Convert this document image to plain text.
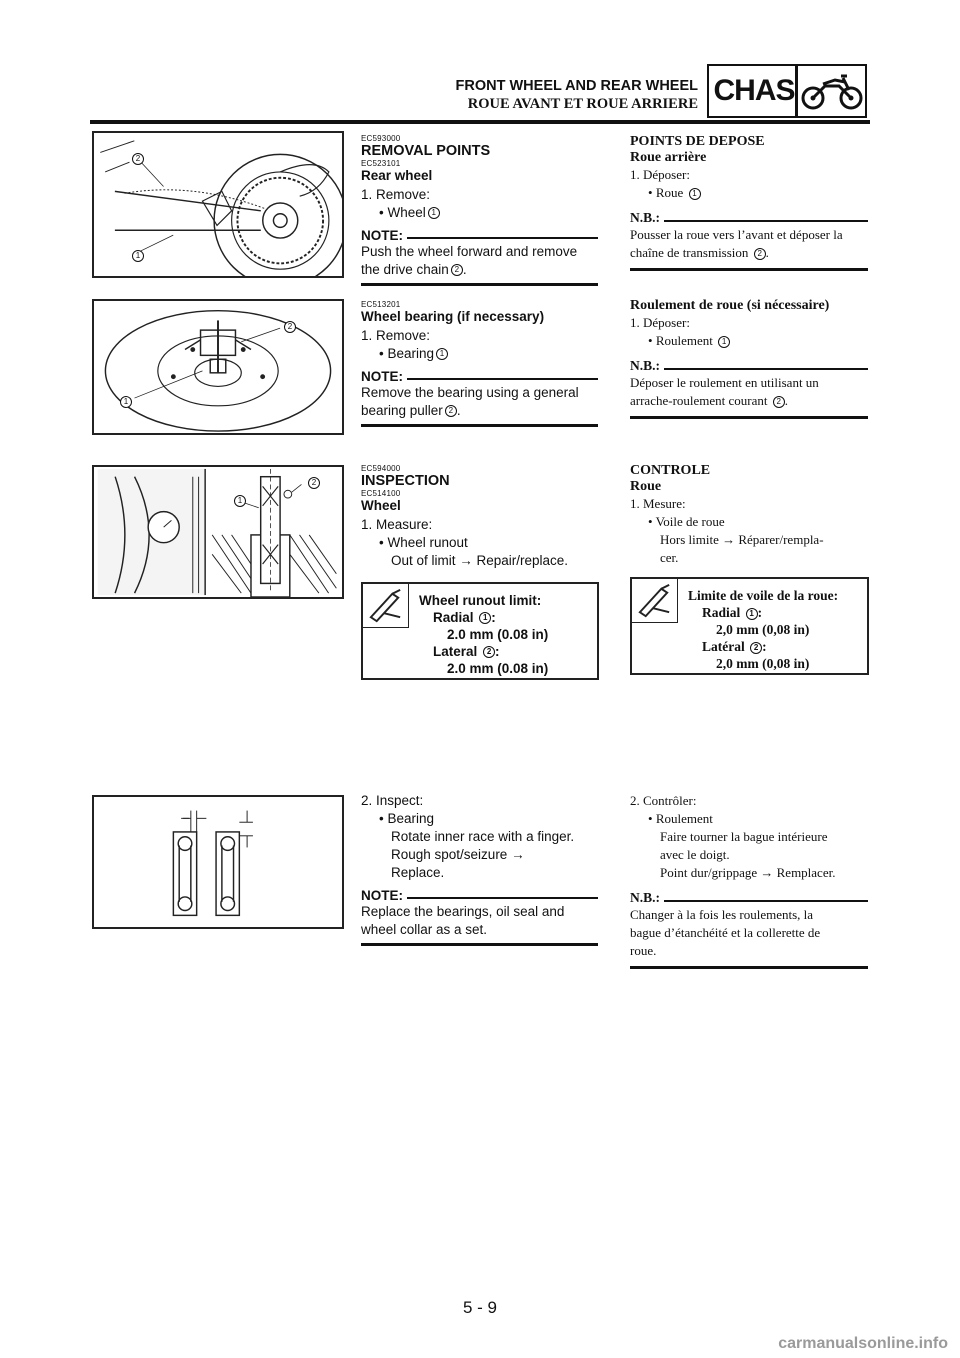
FRONT WHEEL AND REAR WHEEL
ROUE AVANT ET ROUE ARRIERE CHAS
2
1
2
1
1
2
EC593000
REMOVAL POINTS
EC523101
Rear wheel
1. Remove:
• Wheel 1
NOTE:
Push the wheel forward and remove
the drive chain 2 .
EC513201
Wheel bearing (if necessary)
1. Remove:
• Bearing 1
NOTE:
Remove the bearing using a general
bearing puller 2 .
EC594000
INSPECTION
EC514100
Wheel
1. Measure:
• Wheel runout
Out of limit → Repair/replace.
Wheel runout limit:
Radial 1 :
2.0 mm (0.08 in)
Lateral 2 :
2.0 mm (0.08 in)
2. Inspect:
• Bearing
Rotate inner race with a finger.
Rough spot/seizure →
Replace.
NOTE:
Replace the bearings, oil seal and
wheel collar as a set.
POINTS DE DEPOSE
Roue arrière
1. Déposer:
• Roue 1
N.B.:
Pousser la roue vers l’avant et déposer la
chaîne de transmission 2 .
Roulement de roue (si nécessaire)
1. Déposer:
• Roulement 1
N.B.:
Déposer le roulement en utilisant un
arrache-roulement courant 2 .
CONTROLE
Roue
1. Mesure:
• Voile de roue
Hors limite → Réparer/rempla-
cer.
Limite de voile de la roue:
Radial 1 :
2,0 mm (0,08 in)
Latéral 2 :
2,0 mm (0,08 in)
2. Contrôler:
• Roulement
Faire tourner la bague intérieure
avec le doigt.
Point dur/grippage → Remplacer.
N.B.:
Changer à la fois les roulements, la
bague d’étanchéité et la collerette de
roue.
5 - 9
carmanualsonline.info
